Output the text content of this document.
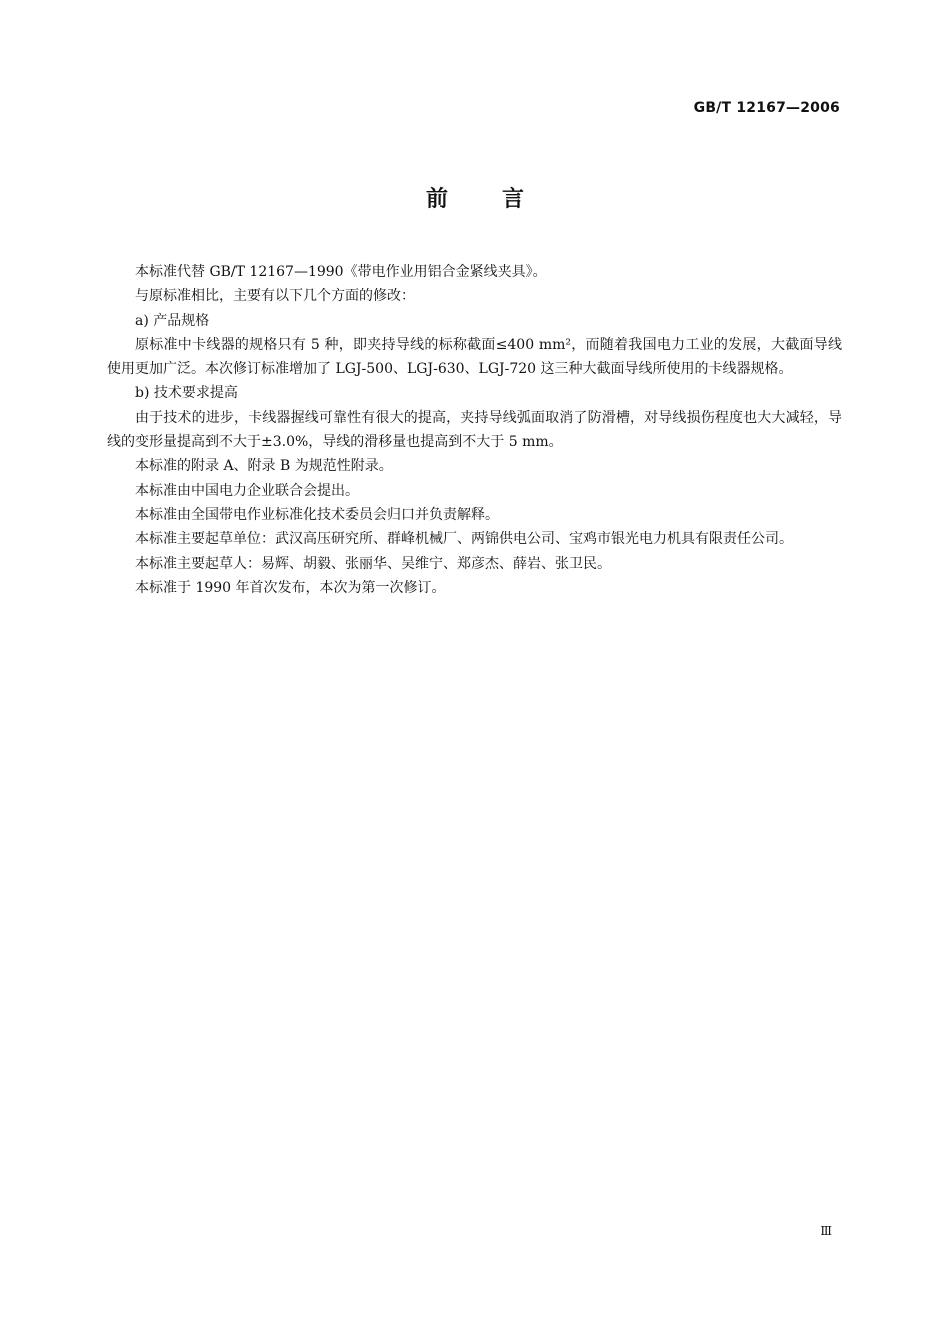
GB/T 12167—2006
前言

本标准代替 GB/T 12167—1990《带电作业用铝合金紧线夹具》。

与原标准相比，主要有以下几个方面的修改：

a) 产品规格

原标准中卡线器的规格只有 5 种，即夹持导线的标称截面≤400 mm²，而随着我国电力工业的发展，大截面导线使用更加广泛。本次修订标准增加了 LGJ-500、LGJ-630、LGJ-720 这三种大截面导线所使用的卡线器规格。

b) 技术要求提高

由于技术的进步，卡线器握线可靠性有很大的提高，夹持导线弧面取消了防滑槽，对导线损伤程度也大大减轻，导线的变形量提高到不大于±3.0%，导线的滑移量也提高到不大于 5 mm。

本标准的附录 A、附录 B 为规范性附录。

本标准由中国电力企业联合会提出。

本标准由全国带电作业标准化技术委员会归口并负责解释。

本标准主要起草单位：武汉高压研究所、群峰机械厂、两锦供电公司、宝鸡市银光电力机具有限责任公司。

本标准主要起草人：易辉、胡毅、张丽华、吴维宁、郑彦杰、薛岩、张卫民。

本标准于 1990 年首次发布，本次为第一次修订。

Ⅲ
